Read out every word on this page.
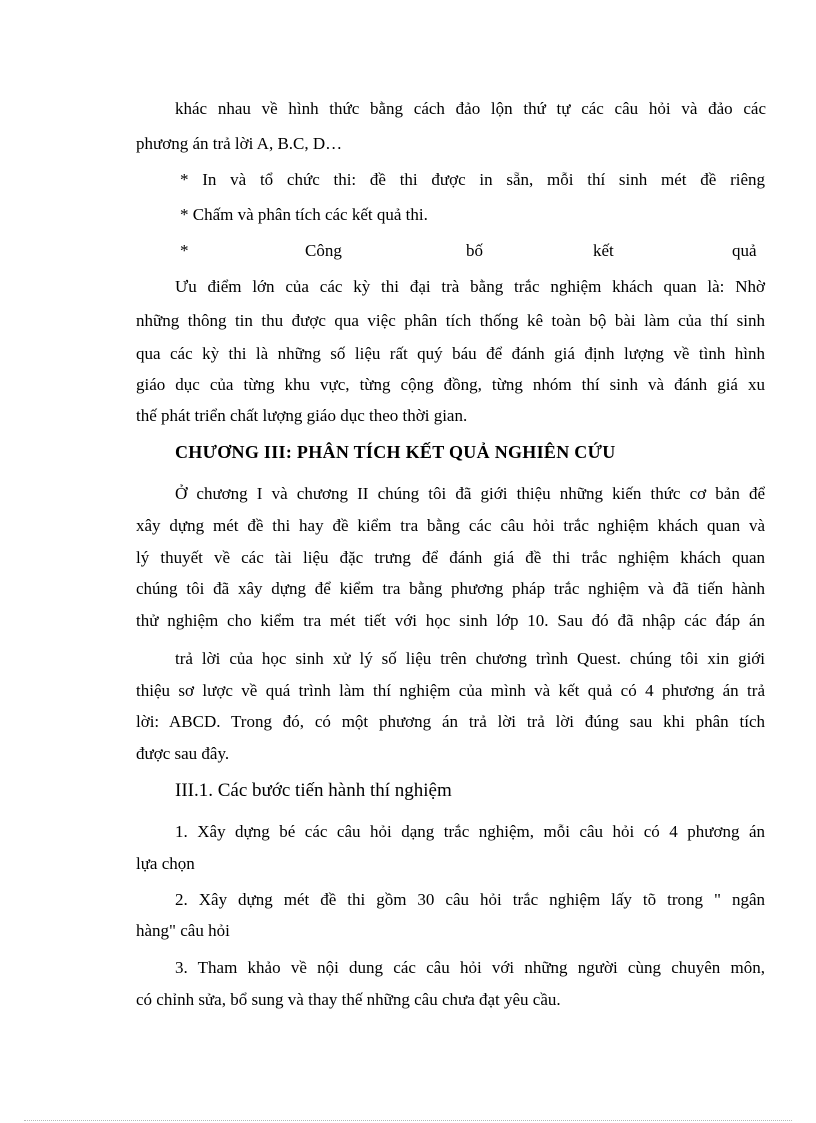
khác nhau về hình thức bằng cách đảo lộn thứ tự các câu hỏi và đảo các
phương án trả lời A, B.C, D…
* In và tổ chức thi: đề thi được in sẵn, mỗi thí sinh mét đề riêng
* Chấm và phân tích các kết quả thi.
*	Công	bố	kết	quả
Ưu điểm lớn của các kỳ thi đại trà bằng trắc nghiệm khách quan là: Nhờ
những thông tin thu được qua việc phân tích thống kê toàn bộ bài làm của thí sinh
qua các kỳ thi là những số liệu rất quý báu để đánh giá định lượng về tình hình
giáo dục của từng khu vực, từng cộng đồng, từng nhóm thí sinh và đánh giá xu
thế phát triển chất lượng giáo dục theo thời gian.
CHƯƠNG III: PHÂN TÍCH KẾT QUẢ NGHIÊN CỨU
Ở chương I và chương II chúng tôi đã giới thiệu những kiến thức cơ bản để
xây dựng mét đề thi hay đề kiểm tra bằng các câu hỏi trắc nghiệm khách quan và
lý thuyết về các tài liệu đặc trưng để đánh giá đề thi trắc nghiệm khách quan
chúng tôi đã xây dựng để kiểm tra bằng phương pháp trắc nghiệm và đã tiến hành
thử nghiệm cho kiểm tra mét tiết với học sinh lớp 10. Sau đó đã nhập các đáp án
trả lời của học sinh xử lý số liệu trên chương trình Quest. chúng tôi xin giới
thiệu sơ lược về quá trình làm thí nghiệm của mình và kết quả có 4 phương án trả
lời: ABCD. Trong đó, có một phương án trả lời trả lời đúng sau khi phân tích
được sau đây.
III.1. Các bước tiến hành thí nghiệm
1. Xây dựng bé các câu hỏi dạng trắc nghiệm, mỗi câu hỏi có 4 phương án
lựa chọn
2. Xây dựng mét đề thi gồm 30 câu hỏi trắc nghiệm lấy tõ trong " ngân
hàng" câu hỏi
3. Tham khảo về nội dung các câu hỏi với những người cùng chuyên môn,
có chỉnh sửa, bổ sung và thay thế những câu chưa đạt yêu cầu.
